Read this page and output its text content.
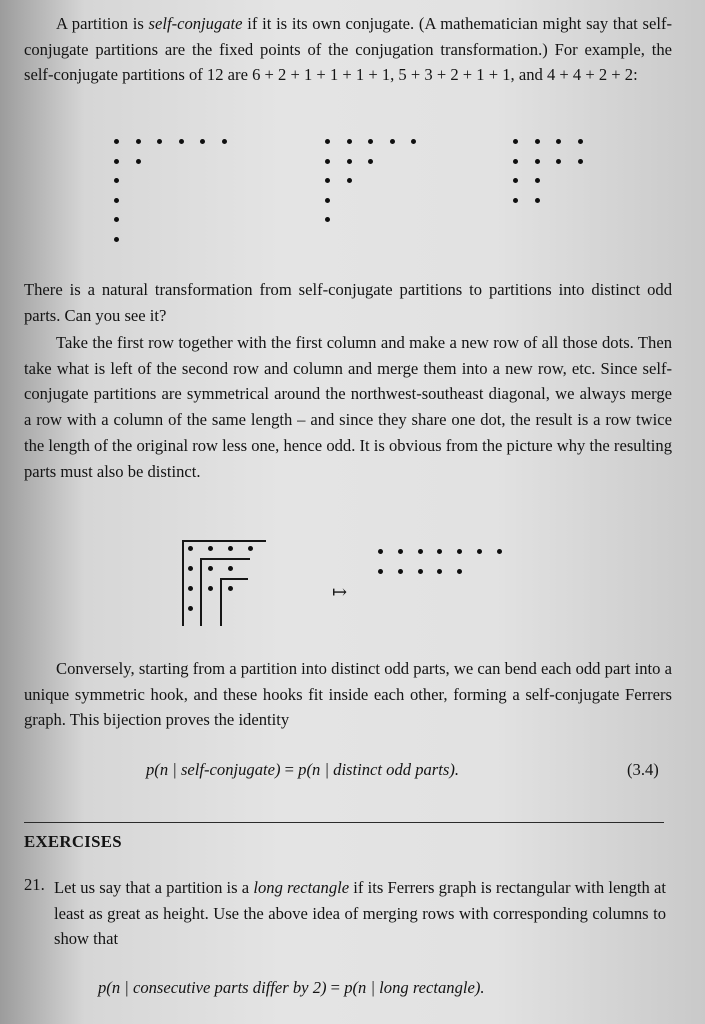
A partition is self-conjugate if it is its own conjugate. (A mathematician might say that self-conjugate partitions are the fixed points of the conjugation transformation.) For example, the self-conjugate partitions of 12 are 6 + 2 + 1 + 1 + 1 + 1, 5 + 3 + 2 + 1 + 1, and 4 + 4 + 2 + 2:
There is a natural transformation from self-conjugate partitions to partitions into distinct odd parts. Can you see it?
Take the first row together with the first column and make a new row of all those dots. Then take what is left of the second row and column and merge them into a new row, etc. Since self-conjugate partitions are symmetrical around the northwest-southeast diagonal, we always merge a row with a column of the same length – and since they share one dot, the result is a row twice the length of the original row less one, hence odd. It is obvious from the picture why the resulting parts must also be distinct.
↦
Conversely, starting from a partition into distinct odd parts, we can bend each odd part into a unique symmetric hook, and these hooks fit inside each other, forming a self-conjugate Ferrers graph. This bijection proves the identity
p(n | self-conjugate) = p(n | distinct odd parts).	(3.4)
EXERCISES
21. Let us say that a partition is a long rectangle if its Ferrers graph is rectangular with length at least as great as height. Use the above idea of merging rows with corresponding columns to show that
p(n | consecutive parts differ by 2) = p(n | long rectangle).
